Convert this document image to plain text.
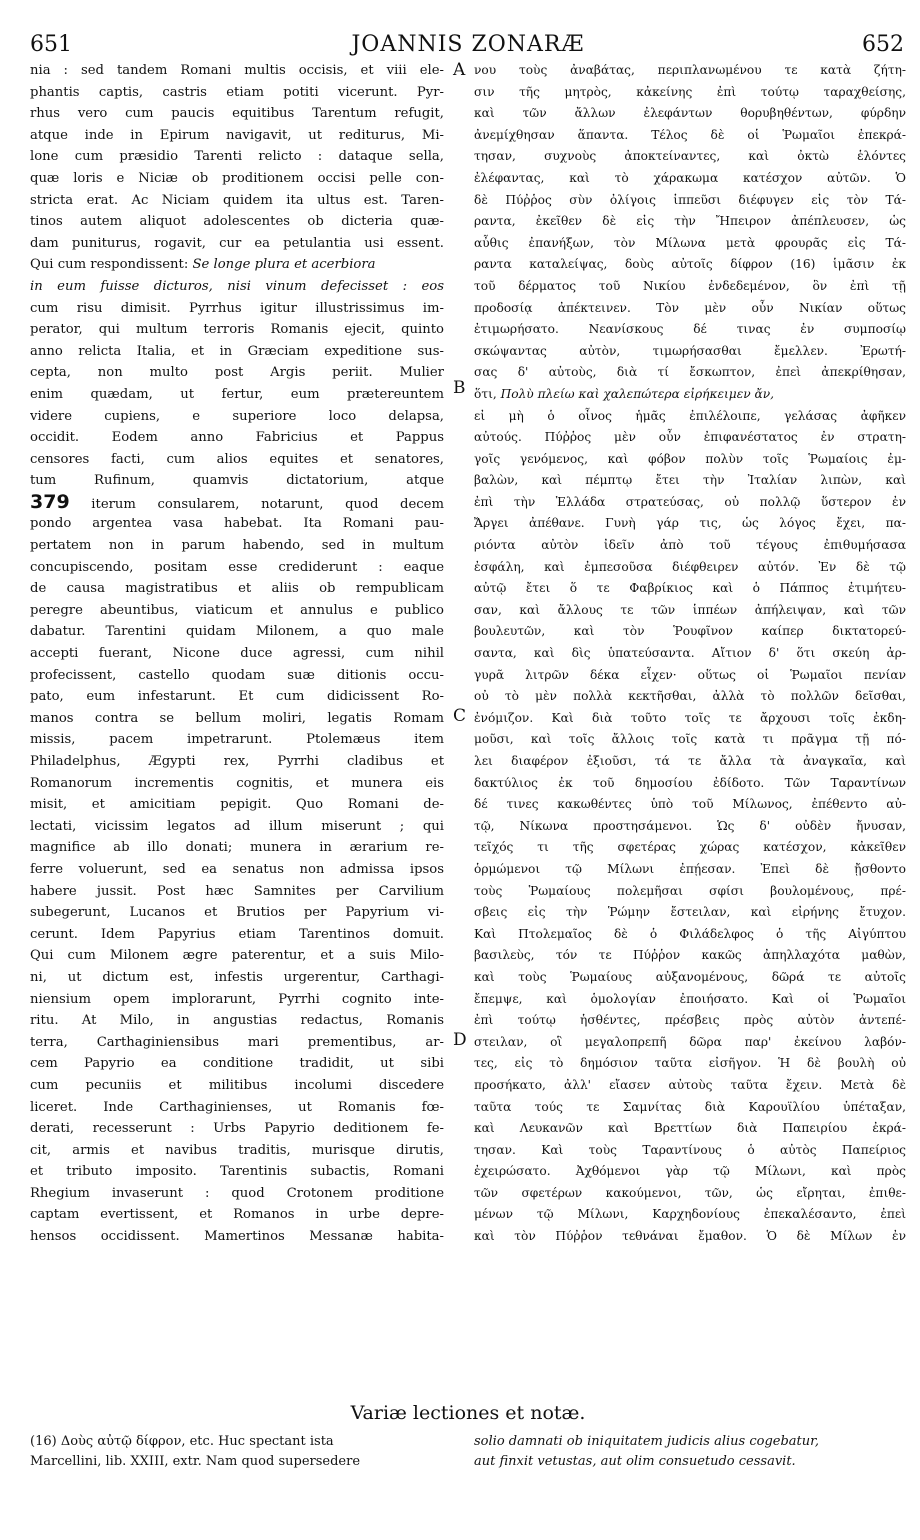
651	JOANNIS ZONARÆ	652
nia : sed tandem Romani multis occisis, et viii ele-
phantis captis, castris etiam potiti vicerunt. Pyr-
rhus vero cum paucis equitibus Tarentum refugit,
atque inde in Epirum navigavit, ut rediturus, Mi-
lone cum præsidio Tarenti relicto : dataque sella,
quæ loris e Niciæ ob proditionem occisi pelle con-
stricta erat. Ac Niciam quidem ita ultus est. Taren-
tinos autem aliquot adolescentes ob dicteria quæ-
dam puniturus, rogavit, cur ea petulantia usi essent.
Qui cum respondissent: Se longe plura et acerbiora
in eum fuisse dicturos, nisi vinum defecisset : eos
cum risu dimisit. Pyrrhus igitur illustrissimus im-
perator, qui multum terroris Romanis ejecit, quinto
anno relicta Italia, et in Græciam expeditione sus-
cepta, non multo post Argis periit. Mulier
enim quædam, ut fertur, eum prætereuntem
videre cupiens, e superiore loco delapsa,
occidit. Eodem anno Fabricius et Pappus
censores facti, cum alios equites et senatores,
tum Rufinum, quamvis dictatorium, atque
379 iterum consularem, notarunt, quod decem
pondo argentea vasa habebat. Ita Romani pau-
pertatem non in parum habendo, sed in multum
concupiscendo, positam esse crediderunt : eaque
de causa magistratibus et aliis ob rempublicam
peregre abeuntibus, viaticum et annulus e publico
dabatur. Tarentini quidam Milonem, a quo male
accepti fuerant, Nicone duce agressi, cum nihil
profecissent, castello quodam suæ ditionis occu-
pato, eum infestarunt. Et cum didicissent Ro-
manos contra se bellum moliri, legatis Romam
missis, pacem impetrarunt. Ptolemæus item
Philadelphus, Ægypti rex, Pyrrhi cladibus et
Romanorum incrementis cognitis, et munera eis
misit, et amicitiam pepigit. Quo Romani de-
lectati, vicissim legatos ad illum miserunt ; qui
magnifice ab illo donati; munera in ærarium re-
ferre voluerunt, sed ea senatus non admissa ipsos
habere jussit. Post hæc Samnites per Carvilium
subegerunt, Lucanos et Brutios per Papyrium vi-
cerunt. Idem Papyrius etiam Tarentinos domuit.
Qui cum Milonem ægre paterentur, et a suis Milo-
ni, ut dictum est, infestis urgerentur, Carthagi-
niensium opem implorarunt, Pyrrhi cognito inte-
ritu. At Milo, in angustias redactus, Romanis
terra, Carthaginiensibus mari prementibus, ar-
cem Papyrio ea conditione tradidit, ut sibi
cum pecuniis et militibus incolumi discedere
liceret. Inde Carthaginienses, ut Romanis fœ-
derati, recesserunt : Urbs Papyrio deditionem fe-
cit, armis et navibus traditis, murisque dirutis,
et tributo imposito. Tarentinis subactis, Romani
Rhegium invaserunt : quod Crotonem proditione
captam evertissent, et Romanos in urbe depre-
hensos occidissent. Mamertinos Messanæ habita-
νου τοὺς ἀναβάτας, περιπλανωμένου τε κατὰ ζήτη-
σιν τῆς μητρὸς, κἀκείνης ἐπὶ τούτῳ ταραχθείσης,
καὶ τῶν ἄλλων ἐλεφάντων θορυβηθέντων, φύρδην
ἀνεμίχθησαν ἅπαντα. Τέλος δὲ οἱ Ῥωμαῖοι ἐπεκρά-
τησαν, συχνοὺς ἀποκτείναντες, καὶ ὀκτὼ ἑλόντες
ἐλέφαντας, καὶ τὸ χάρακωμα κατέσχον αὐτῶν. Ὁ
δὲ Πύῤῥος σὺν ὀλίγοις ἱππεῦσι διέφυγεν εἰς τὸν Τά-
ραντα, ἐκεῖθεν δὲ εἰς τὴν Ἤπειρον ἀπέπλευσεν, ὡς
αὖθις ἐπανήξων, τὸν Μίλωνα μετὰ φρουρᾶς εἰς Τά-
ραντα καταλείψας, δοὺς αὐτοῖς δίφρον (16) ἱμᾶσιν ἐκ
τοῦ δέρματος τοῦ Νικίου ἐνδεδεμένον, ὃν ἐπὶ τῇ
προδοσίᾳ ἀπέκτεινεν. Τὸν μὲν οὖν Νικίαν οὕτως
ἐτιμωρήσατο. Νεανίσκους δέ τινας ἐν συμποσίῳ
σκώψαντας αὐτὸν, τιμωρήσασθαι ἔμελλεν. Ἐρωτή-
σας δ' αὐτοὺς, διὰ τί ἔσκωπτον, ἐπεὶ ἀπεκρίθησαν,
ὅτι, Πολὺ πλείω καὶ χαλεπώτερα εἰρήκειμεν ἄν,
εἰ μὴ ὁ οἶνος ἡμᾶς ἐπιλέλοιπε, γελάσας ἀφῆκεν
αὐτούς. Πύῤῥος μὲν οὖν ἐπιφανέστατος ἐν στρατη-
γοῖς γενόμενος, καὶ φόβον πολὺν τοῖς Ῥωμαίοις ἐμ-
βαλὼν, καὶ πέμπτῳ ἔτει τὴν Ἰταλίαν λιπὼν, καὶ
ἐπὶ τὴν Ἑλλάδα στρατεύσας, οὐ πολλῷ ὕστερον ἐν
Ἄργει ἀπέθανε. Γυνὴ γάρ τις, ὡς λόγος ἔχει, πα-
ριόντα αὐτὸν ἰδεῖν ἀπὸ τοῦ τέγους ἐπιθυμήσασα
ἐσφάλη, καὶ ἐμπεσοῦσα διέφθειρεν αὐτόν. Ἐν δὲ τῷ
αὐτῷ ἔτει ὅ τε Φαβρίκιος καὶ ὁ Πάππος ἐτιμήτευ-
σαν, καὶ ἄλλους τε τῶν ἱππέων ἀπήλειψαν, καὶ τῶν
βουλευτῶν, καὶ τὸν Ῥουφῖνον καίπερ δικτατορεύ-
σαντα, καὶ δὶς ὑπατεύσαντα. Αἴτιον δ' ὅτι σκεύη ἀρ-
γυρᾶ λιτρῶν δέκα εἶχεν· οὕτως οἱ Ῥωμαῖοι πενίαν
οὐ τὸ μὲν πολλὰ κεκτῆσθαι, ἀλλὰ τὸ πολλῶν δεῖσθαι,
ἐνόμιζον. Καὶ διὰ τοῦτο τοῖς τε ἄρχουσι τοῖς ἐκδη-
μοῦσι, καὶ τοῖς ἄλλοις τοῖς κατὰ τι πρᾶγμα τῇ πό-
λει διαφέρον ἐξιοῦσι, τά τε ἄλλα τὰ ἀναγκαῖα, καὶ
δακτύλιος ἐκ τοῦ δημοσίου ἐδίδοτο. Τῶν Ταραντίνων
δέ τινες κακωθέντες ὑπὸ τοῦ Μίλωνος, ἐπέθεντο αὐ-
τῷ, Νίκωνα προστησάμενοι. Ὡς δ' οὐδὲν ἤνυσαν,
τεῖχός τι τῆς σφετέρας χώρας κατέσχον, κἀκεῖθεν
ὁρμώμενοι τῷ Μίλωνι ἐπῄεσαν. Ἐπεὶ δὲ ᾔσθοντο
τοὺς Ῥωμαίους πολεμῆσαι σφίσι βουλομένους, πρέ-
σβεις εἰς τὴν Ῥώμην ἔστειλαν, καὶ εἰρήνης ἔτυχον.
Καὶ Πτολεμαῖος δὲ ὁ Φιλάδελφος ὁ τῆς Αἰγύπτου
βασιλεὺς, τόν τε Πύῤῥον κακῶς ἀπηλλαχότα μαθὼν,
καὶ τοὺς Ῥωμαίους αὐξανομένους, δῶρά τε αὐτοῖς
ἔπεμψε, καὶ ὁμολογίαν ἐποιήσατο. Καὶ οἱ Ῥωμαῖοι
ἐπὶ τούτῳ ἡσθέντες, πρέσβεις πρὸς αὐτὸν ἀντεπέ-
στειλαν, οἳ μεγαλοπρεπῆ δῶρα παρ' ἐκείνου λαβόν-
τες, εἰς τὸ δημόσιον ταῦτα εἰσῆγον. Ἡ δὲ βουλὴ οὐ
προσήκατο, ἀλλ' εἴασεν αὐτοὺς ταῦτα ἔχειν. Μετὰ δὲ
ταῦτα τούς τε Σαμνίτας διὰ Καρουϊλίου ὑπέταξαν,
καὶ Λευκανῶν καὶ Βρεττίων διὰ Παπειρίου ἐκρά-
τησαν. Καὶ τοὺς Ταραντίνους ὁ αὐτὸς Παπείριος
ἐχειρώσατο. Ἀχθόμενοι γὰρ τῷ Μίλωνι, καὶ πρὸς
τῶν σφετέρων κακούμενοι, τῶν, ὡς εἴρηται, ἐπιθε-
μένων τῷ Μίλωνι, Καρχηδονίους ἐπεκαλέσαντο, ἐπεὶ
καὶ τὸν Πύῤῥον τεθνάναι ἔμαθον. Ὁ δὲ Μίλων ἐν
A
B
C
D
Variæ lectiones et notæ.
(16) Δοὺς αὐτῷ δίφρον, etc. Huc spectant ista
Marcellini, lib. XXIII, extr. Nam quod supersedere
solio damnati ob iniquitatem judicis alius cogebatur,
aut finxit vetustas, aut olim consuetudo cessavit.
